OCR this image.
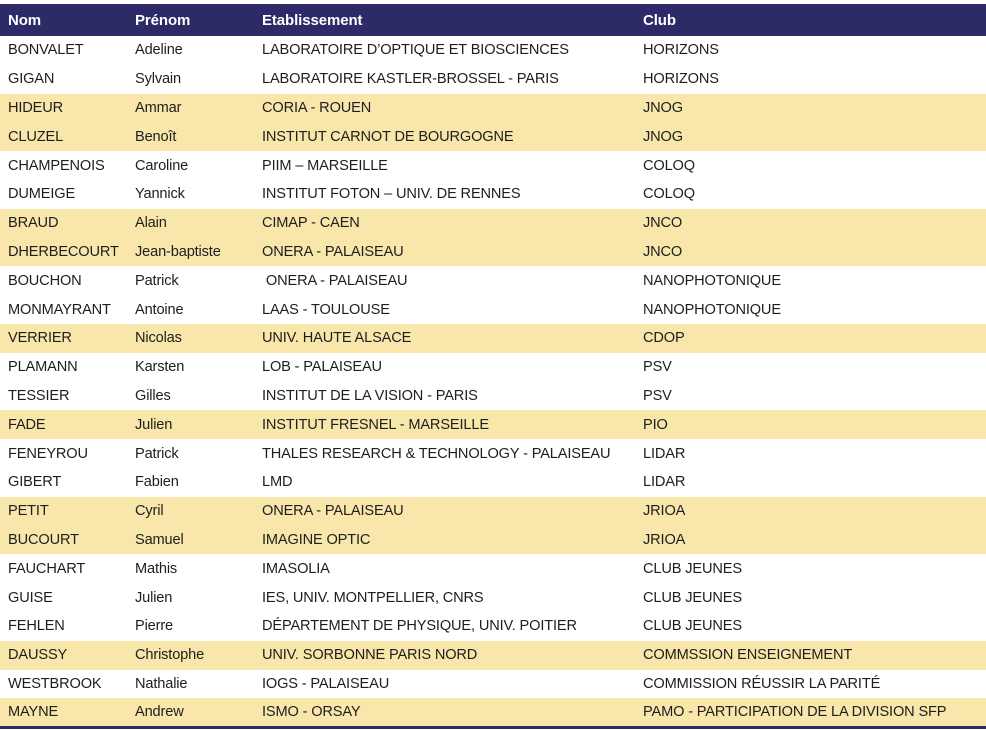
Nom	Prénom	Etablissement	Club
BONVALET	Adeline	LABORATOIRE D’OPTIQUE ET BIOSCIENCES	HORIZONS
GIGAN	Sylvain	LABORATOIRE KASTLER-BROSSEL - PARIS	HORIZONS
HIDEUR	Ammar	CORIA - ROUEN	JNOG
CLUZEL	Benoît	INSTITUT CARNOT DE BOURGOGNE	JNOG
CHAMPENOIS	Caroline	PIIM – MARSEILLE	COLOQ
DUMEIGE	Yannick	INSTITUT FOTON – UNIV. DE RENNES	COLOQ
BRAUD	Alain	CIMAP - CAEN	JNCO
DHERBECOURT	Jean-baptiste	ONERA - PALAISEAU	JNCO
BOUCHON	Patrick	ONERA - PALAISEAU	NANOPHOTONIQUE
MONMAYRANT	Antoine	LAAS - TOULOUSE	NANOPHOTONIQUE
VERRIER	Nicolas	UNIV. HAUTE ALSACE	CDOP
PLAMANN	Karsten	LOB - PALAISEAU	PSV
TESSIER	Gilles	INSTITUT DE LA VISION - PARIS	PSV
FADE	Julien	INSTITUT FRESNEL - MARSEILLE	PIO
FENEYROU	Patrick	THALES RESEARCH & TECHNOLOGY - PALAISEAU	LIDAR
GIBERT	Fabien	LMD	LIDAR
PETIT	Cyril	ONERA - PALAISEAU	JRIOA
BUCOURT	Samuel	IMAGINE OPTIC	JRIOA
FAUCHART	Mathis	IMASOLIA	CLUB JEUNES
GUISE	Julien	IES, UNIV. MONTPELLIER, CNRS	CLUB JEUNES
FEHLEN	Pierre	DÉPARTEMENT DE PHYSIQUE, UNIV. POITIER	CLUB JEUNES
DAUSSY	Christophe	UNIV. SORBONNE PARIS NORD	COMMSSION ENSEIGNEMENT
WESTBROOK	Nathalie	IOGS - PALAISEAU	COMMISSION RÉUSSIR LA PARITÉ
MAYNE	Andrew	ISMO - ORSAY	PAMO - PARTICIPATION DE LA DIVISION SFP
